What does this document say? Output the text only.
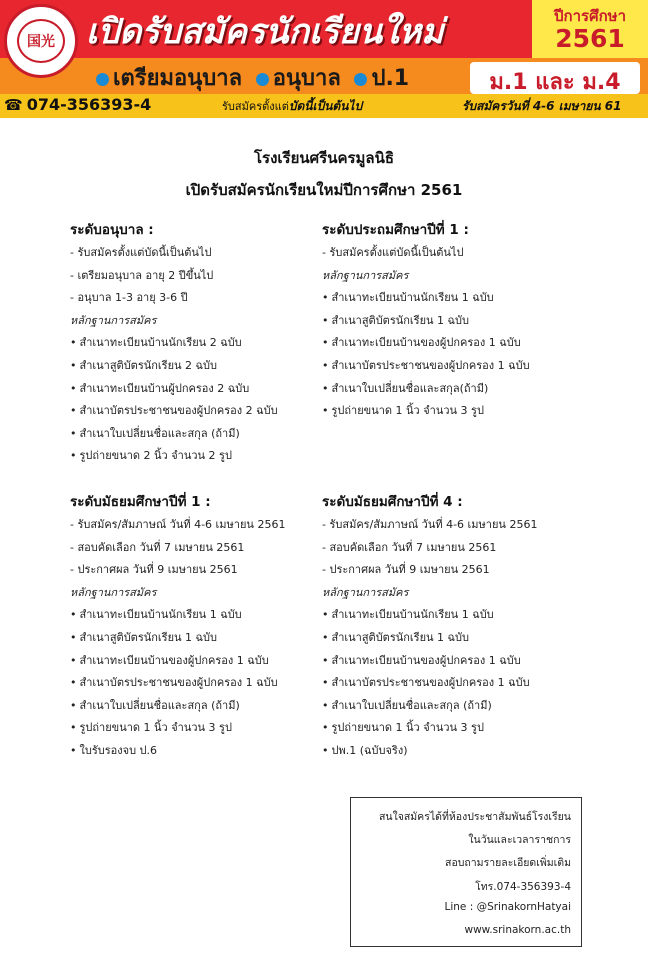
国光 เปิดรับสมัครนักเรียนใหม่	ปีการศึกษา
2561
เตรียมอนุบาล อนุบาล ป.1	ม.1 และ ม.4
☎ 074-356393-4	รับสมัครตั้งแต่บัดนี้เป็นต้นไป	รับสมัครวันที่ 4-6 เมษายน 61
โรงเรียนศรีนครมูลนิธิ
เปิดรับสมัครนักเรียนใหม่ปีการศึกษา 2561
ระดับอนุบาล :
- รับสมัครตั้งแต่บัดนี้เป็นต้นไป
- เตรียมอนุบาล อายุ 2 ปีขึ้นไป
- อนุบาล 1-3 อายุ 3-6 ปี
หลักฐานการสมัคร
• สำเนาทะเบียนบ้านนักเรียน 2 ฉบับ
• สำเนาสูติบัตรนักเรียน 2 ฉบับ
• สำเนาทะเบียนบ้านผู้ปกครอง 2 ฉบับ
• สำเนาบัตรประชาชนของผู้ปกครอง 2 ฉบับ
• สำเนาใบเปลี่ยนชื่อและสกุล (ถ้ามี)
• รูปถ่ายขนาด 2 นิ้ว จำนวน 2 รูป
ระดับประถมศึกษาปีที่ 1 :
- รับสมัครตั้งแต่บัดนี้เป็นต้นไป
หลักฐานการสมัคร
• สำเนาทะเบียนบ้านนักเรียน 1 ฉบับ
• สำเนาสูติบัตรนักเรียน 1 ฉบับ
• สำเนาทะเบียนบ้านของผู้ปกครอง 1 ฉบับ
• สำเนาบัตรประชาชนของผู้ปกครอง 1 ฉบับ
• สำเนาใบเปลี่ยนชื่อและสกุล(ถ้ามี)
• รูปถ่ายขนาด 1 นิ้ว จำนวน 3 รูป
ระดับมัธยมศึกษาปีที่ 1 :
- รับสมัคร/สัมภาษณ์ วันที่ 4-6 เมษายน 2561
- สอบคัดเลือก วันที่ 7 เมษายน 2561
- ประกาศผล วันที่ 9 เมษายน 2561
หลักฐานการสมัคร
• สำเนาทะเบียนบ้านนักเรียน 1 ฉบับ
• สำเนาสูติบัตรนักเรียน 1 ฉบับ
• สำเนาทะเบียนบ้านของผู้ปกครอง 1 ฉบับ
• สำเนาบัตรประชาชนของผู้ปกครอง 1 ฉบับ
• สำเนาใบเปลี่ยนชื่อและสกุล (ถ้ามี)
• รูปถ่ายขนาด 1 นิ้ว จำนวน 3 รูป
• ใบรับรองจบ ป.6
ระดับมัธยมศึกษาปีที่ 4 :
- รับสมัคร/สัมภาษณ์ วันที่ 4-6 เมษายน 2561
- สอบคัดเลือก วันที่ 7 เมษายน 2561
- ประกาศผล วันที่ 9 เมษายน 2561
หลักฐานการสมัคร
• สำเนาทะเบียนบ้านนักเรียน 1 ฉบับ
• สำเนาสูติบัตรนักเรียน 1 ฉบับ
• สำเนาทะเบียนบ้านของผู้ปกครอง 1 ฉบับ
• สำเนาบัตรประชาชนของผู้ปกครอง 1 ฉบับ
• สำเนาใบเปลี่ยนชื่อและสกุล (ถ้ามี)
• รูปถ่ายขนาด 1 นิ้ว จำนวน 3 รูป
• ปพ.1 (ฉบับจริง)
สนใจสมัครได้ที่ห้องประชาสัมพันธ์โรงเรียน
ในวันและเวลาราชการ
สอบถามรายละเอียดเพิ่มเติม
โทร.074-356393-4
Line : @SrinakornHatyai
www.srinakorn.ac.th
